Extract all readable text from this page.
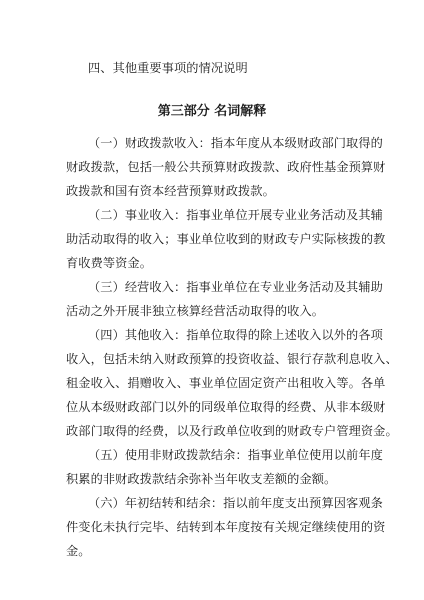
四、其他重要事项的情况说明
第三部分 名词解释
（一）财政拨款收入：指本年度从本级财政部门取得的
财政拨款，包括一般公共预算财政拨款、政府性基金预算财
政拨款和国有资本经营预算财政拨款。
（二）事业收入：指事业单位开展专业业务活动及其辅
助活动取得的收入；事业单位收到的财政专户实际核拨的教
育收费等资金。
（三）经营收入：指事业单位在专业业务活动及其辅助
活动之外开展非独立核算经营活动取得的收入。
（四）其他收入：指单位取得的除上述收入以外的各项
收入，包括未纳入财政预算的投资收益、银行存款利息收入、
租金收入、捐赠收入、事业单位固定资产出租收入等。各单
位从本级财政部门以外的同级单位取得的经费、从非本级财
政部门取得的经费，以及行政单位收到的财政专户管理资金。
（五）使用非财政拨款结余：指事业单位使用以前年度
积累的非财政拨款结余弥补当年收支差额的金额。
（六）年初结转和结余：指以前年度支出预算因客观条
件变化未执行完毕、结转到本年度按有关规定继续使用的资
金。
